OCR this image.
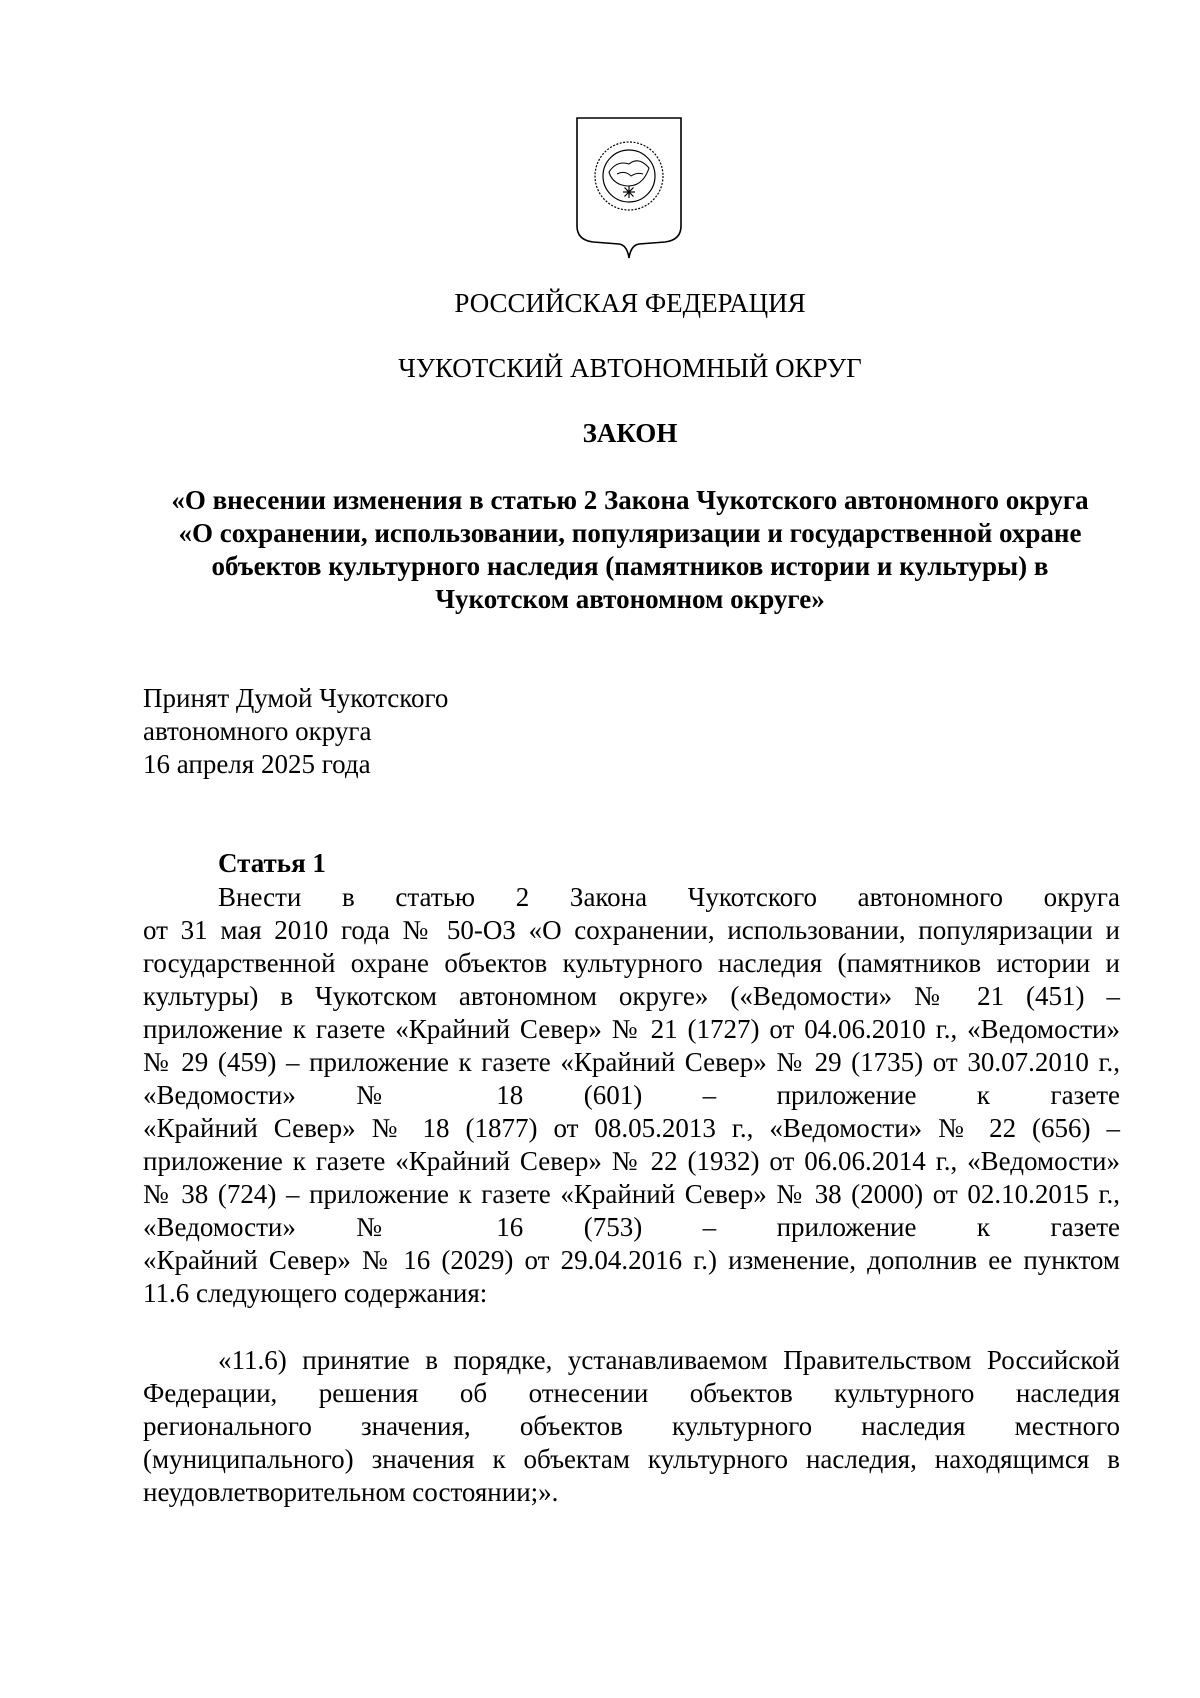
РОССИЙСКАЯ ФЕДЕРАЦИЯ

ЧУКОТСКИЙ АВТОНОМНЫЙ ОКРУГ

ЗАКОН

«О внесении изменения в статью 2 Закона Чукотского автономного округа
«О сохранении, использовании, популяризации и государственной охране
объектов культурного наследия (памятников истории и культуры) в
Чукотском автономном округе»
Принят Думой Чукотского
автономного округа
16 апреля 2025 года

Статья 1

Внести в статью 2 Закона Чукотского автономного округа
от 31 мая 2010 года № 50-ОЗ «О сохранении, использовании, популяризации и
государственной охране объектов культурного наследия (памятников истории и
культуры) в Чукотском автономном округе» («Ведомости» № 21 (451) –
приложение к газете «Крайний Север» № 21 (1727) от 04.06.2010 г., «Ведомости»
№ 29 (459) – приложение к газете «Крайний Север» № 29 (1735) от 30.07.2010 г.,
«Ведомости» № 18 (601) – приложение к газете
«Крайний Север» № 18 (1877) от 08.05.2013 г., «Ведомости» № 22 (656) –
приложение к газете «Крайний Север» № 22 (1932) от 06.06.2014 г., «Ведомости»
№ 38 (724) – приложение к газете «Крайний Север» № 38 (2000) от 02.10.2015 г.,
«Ведомости» № 16 (753) – приложение к газете
«Крайний Север» № 16 (2029) от 29.04.2016 г.) изменение, дополнив ее пунктом
11.6 следующего содержания:
«11.6) принятие в порядке, устанавливаемом Правительством Российской
Федерации, решения об отнесении объектов культурного наследия
регионального значения, объектов культурного наследия местного
(муниципального) значения к объектам культурного наследия, находящимся в
неудовлетворительном состоянии;».
